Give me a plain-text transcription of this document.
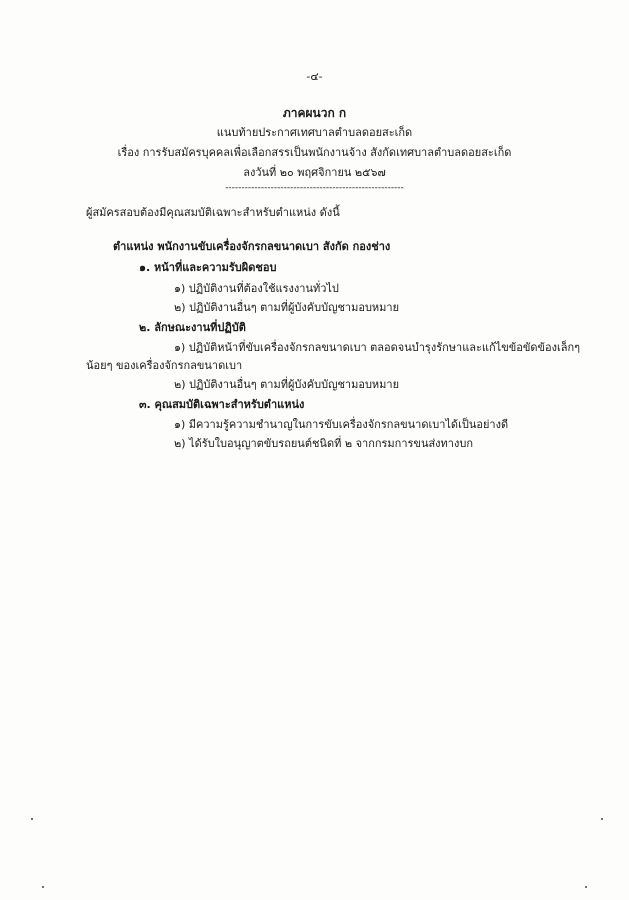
-๔-
ภาคผนวก ก
แนบท้ายประกาศเทศบาลตำบลดอยสะเก็ด
เรื่อง การรับสมัครบุคคลเพื่อเลือกสรรเป็นพนักงานจ้าง สังกัดเทศบาลตำบลดอยสะเก็ด
ลงวันที่ ๒๐ พฤศจิกายน ๒๕๖๗
-------------------------------------------------------
ผู้สมัครสอบต้องมีคุณสมบัติเฉพาะสำหรับตำแหน่ง ดังนี้
ตำแหน่ง พนักงานขับเครื่องจักรกลขนาดเบา สังกัด กองช่าง
๑. หน้าที่และความรับผิดชอบ
๑) ปฏิบัติงานที่ต้องใช้แรงงานทั่วไป
๒) ปฏิบัติงานอื่นๆ ตามที่ผู้บังคับบัญชามอบหมาย
๒. ลักษณะงานที่ปฏิบัติ
๑) ปฏิบัติหน้าที่ขับเครื่องจักรกลขนาดเบา ตลอดจนบำรุงรักษาและแก้ไขข้อขัดข้องเล็กๆ
น้อยๆ ของเครื่องจักรกลขนาดเบา
๒) ปฏิบัติงานอื่นๆ ตามที่ผู้บังคับบัญชามอบหมาย
๓. คุณสมบัติเฉพาะสำหรับตำแหน่ง
๑) มีความรู้ความชำนาญในการขับเครื่องจักรกลขนาดเบาได้เป็นอย่างดี
๒) ได้รับใบอนุญาตขับรถยนต์ชนิดที่ ๒ จากกรมการขนส่งทางบก
